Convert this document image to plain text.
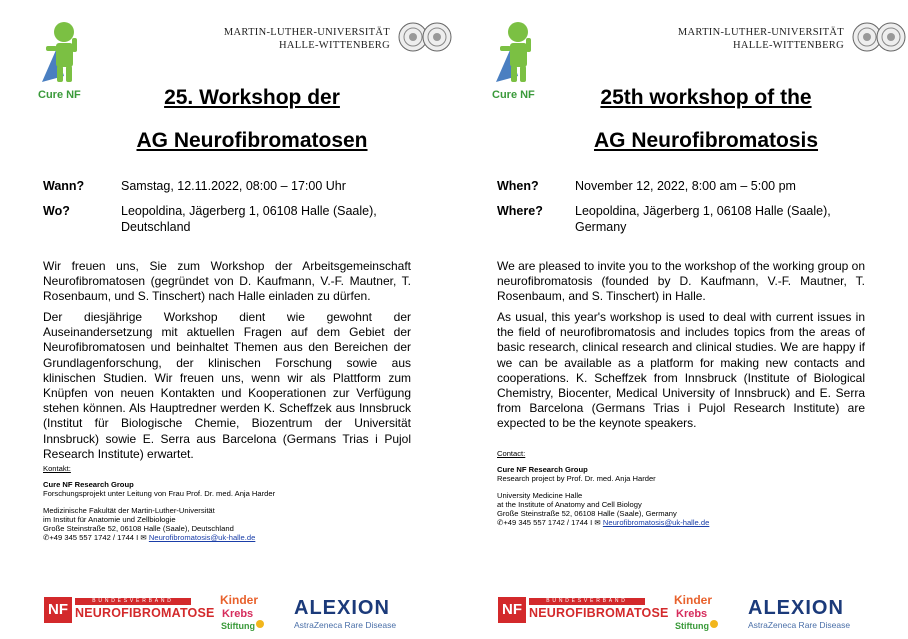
Cure NF
MARTIN-LUTHER-UNIVERSITÄT
HALLE-WITTENBERG
25. Workshop der
AG Neurofibromatosen
Wann?	Samstag, 12.11.2022, 08:00 – 17:00 Uhr
Wo?	Leopoldina, Jägerberg 1, 06108 Halle (Saale), Deutschland
Wir freuen uns, Sie zum Workshop der Arbeitsgemeinschaft Neurofibromatosen (gegründet von D. Kaufmann, V.-F. Mautner, T. Rosenbaum, und S. Tinschert) nach Halle einladen zu dürfen.
Der diesjährige Workshop dient wie gewohnt der Auseinandersetzung mit aktuellen Fragen auf dem Gebiet der Neurofibromatosen und beinhaltet Themen aus den Bereichen der Grundlagenforschung, der klinischen Forschung sowie aus klinischen Studien. Wir freuen uns, wenn wir als Plattform zum Knüpfen von neuen Kontakten und Kooperationen zur Verfügung stehen können. Als Hauptredner werden K. Scheffzek aus Innsbruck (Institut für Biologische Chemie, Biozentrum der Universität Innsbruck) sowie E. Serra aus Barcelona (Germans Trias i Pujol Research Institute) erwartet.
Kontakt:
Cure NF Research Group
Forschungsprojekt unter Leitung von Frau Prof. Dr. med. Anja Harder
Medizinische Fakultät der Martin-Luther-Universität
im Institut für Anatomie und Zellbiologie
Große Steinstraße 52, 06108 Halle (Saale), Deutschland
✆+49 345 557 1742 / 1744 I ✉ Neurofibromatosis@uk-halle.de
NF	BUNDESVERBAND
NEUROFIBROMATOSE
Kinder
Krebs
Stiftung
ALEXION
AstraZeneca Rare Disease
Cure NF
MARTIN-LUTHER-UNIVERSITÄT
HALLE-WITTENBERG
25th workshop of the
AG Neurofibromatosis
When?	November 12, 2022, 8:00 am – 5:00 pm
Where?	Leopoldina, Jägerberg 1, 06108 Halle (Saale), Germany
We are pleased to invite you to the workshop of the working group on neurofibromatosis (founded by D. Kaufmann, V.-F. Mautner, T. Rosenbaum, and S. Tinschert) in Halle.
As usual, this year's workshop is used to deal with current issues in the field of neurofibromatosis and includes topics from the areas of basic research, clinical research and clinical studies. We are happy if we can be available as a platform for making new contacts and cooperations. K. Scheffzek from Innsbruck (Institute of Biological Chemistry, Biocenter, Medical University of Innsbruck) and E. Serra from Barcelona (Germans Trias i Pujol Research Institute) are expected to be the keynote speakers.
Contact:
Cure NF Research Group
Research project by Prof. Dr. med. Anja Harder
University Medicine Halle
at the Institute of Anatomy and Cell Biology
Große Steinstraße 52, 06108 Halle (Saale), Germany
✆+49 345 557 1742 / 1744 I ✉ Neurofibromatosis@uk-halle.de
NF	BUNDESVERBAND
NEUROFIBROMATOSE
Kinder
Krebs
Stiftung
ALEXION
AstraZeneca Rare Disease
